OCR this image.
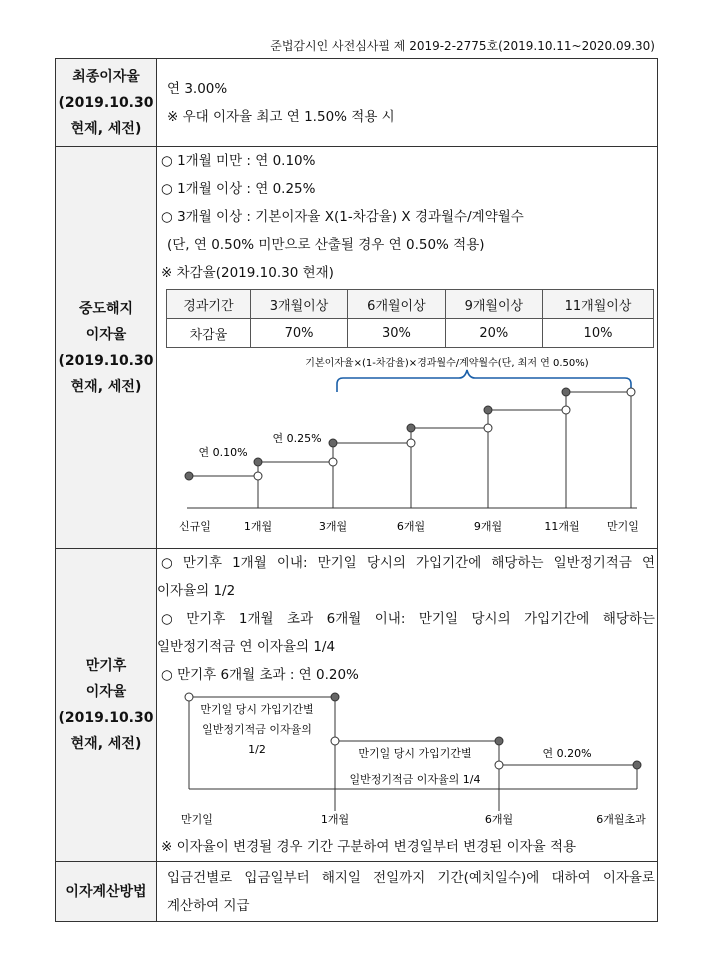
준법감시인 사전심사필 제 2019-2-2775호(2019.10.11~2020.09.30)
최종이자율
(2019.10.30
현제, 세전)

연 3.00%
※ 우대 이자율 최고 연 1.50% 적용 시

중도해지
이자율
(2019.10.30
현재, 세전)

○ 1개월 미만 : 연 0.10%
○ 1개월 이상 : 연 0.25%
○ 3개월 이상 : 기본이자율 X(1-차감율) X 경과월수/계약월수
(단, 연 0.50% 미만으로 산출될 경우 연 0.50% 적용)
※ 차감율(2019.10.30 현재)
경과기간	3개월이상	6개월이상	9개월이상	11개월이상
차감율	70%	30%	20%	10%
기본이자율×(1-차감율)×경과월수/계약월수(단, 최저 연 0.50%)
연 0.10%
연 0.25%
신규일	1개월	3개월	6개월	9개월	11개월 만기일

만기후
이자율
(2019.10.30
현재, 세전)

○ 만기후 1개월 이내: 만기일 당시의 가입기간에 해당하는 일반정기적금 연
이자율의 1/2
○ 만기후 1개월 초과 6개월 이내: 만기일 당시의 가입기간에 해당하는
일반정기적금 연 이자율의 1/4
○ 만기후 6개월 초과 : 연 0.20%
만기일 당시 가입기간별
일반정기적금 이자율의
1/2	만기일 당시 가입기간별
일반정기적금 이자율의 1/4
연 0.20%
만기일	1개월	6개월	6개월초과
※ 이자율이 변경될 경우 기간 구분하여 변경일부터 변경된 이자율 적용

이자계산방법	
입금건별로 입금일부터 해지일 전일까지 기간(예치일수)에 대하여 이자율로
계산하여 지급
